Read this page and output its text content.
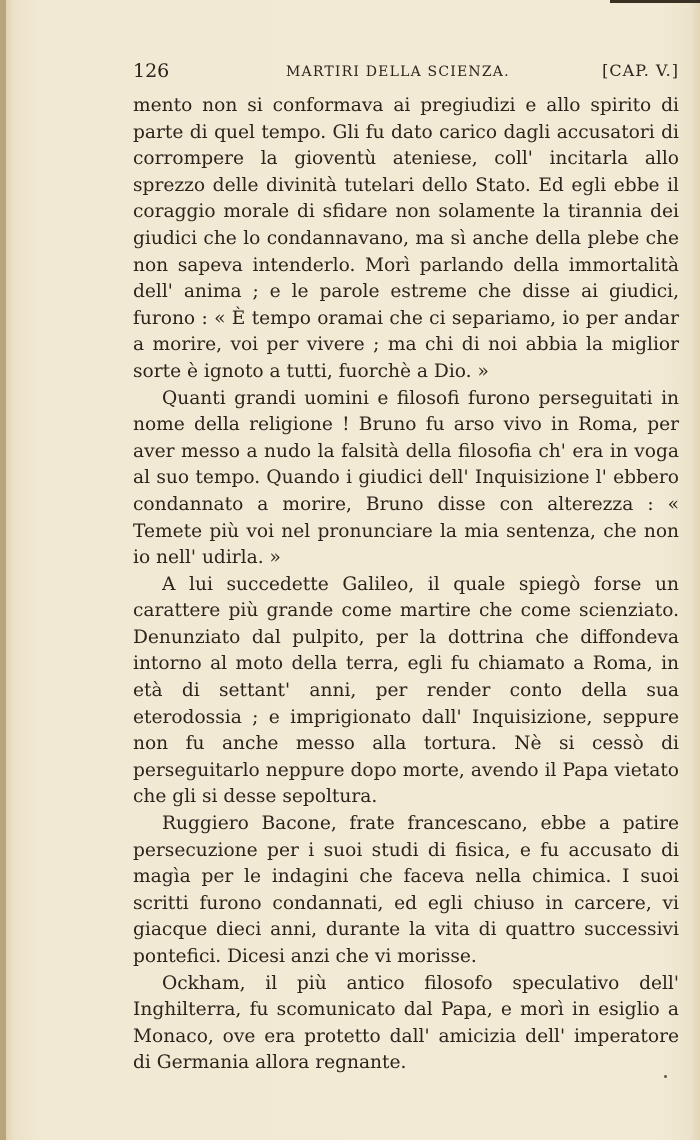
126	MARTIRI DELLA SCIENZA.	[CAP. V.]

mento non si conformava ai pregiudizi e allo spirito di parte di quel tempo. Gli fu dato carico dagli accusatori di corrompere la gioventù ateniese, coll' incitarla allo sprezzo delle divinità tutelari dello Stato. Ed egli ebbe il coraggio morale di sfidare non solamente la tirannia dei giudici che lo condannavano, ma sì anche della plebe che non sapeva intenderlo. Morì parlando della immortalità dell' anima ; e le parole estreme che disse ai giudici, furono : « È tempo oramai che ci separiamo, io per andar a morire, voi per vivere ; ma chi di noi abbia la miglior sorte è ignoto a tutti, fuorchè a Dio. »

Quanti grandi uomini e filosofi furono perseguitati in nome della religione ! Bruno fu arso vivo in Roma, per aver messo a nudo la falsità della filosofia ch' era in voga al suo tempo. Quando i giudici dell' Inquisizione l' ebbero condannato a morire, Bruno disse con alterezza : « Temete più voi nel pronunciare la mia sentenza, che non io nell' udirla. »

A lui succedette Galileo, il quale spiegò forse un carattere più grande come martire che come scienziato. Denunziato dal pulpito, per la dottrina che diffondeva intorno al moto della terra, egli fu chiamato a Roma, in età di settant' anni, per render conto della sua eterodossia ; e imprigionato dall' Inquisizione, seppure non fu anche messo alla tortura. Nè si cessò di perseguitarlo neppure dopo morte, avendo il Papa vietato che gli si desse sepoltura.

Ruggiero Bacone, frate francescano, ebbe a patire persecuzione per i suoi studi di fisica, e fu accusato di magìa per le indagini che faceva nella chimica. I suoi scritti furono condannati, ed egli chiuso in carcere, vi giacque dieci anni, durante la vita di quattro successivi pontefici. Dicesi anzi che vi morisse.

Ockham, il più antico filosofo speculativo dell' Inghilterra, fu scomunicato dal Papa, e morì in esiglio a Monaco, ove era protetto dall' amicizia dell' imperatore di Germania allora regnante.
